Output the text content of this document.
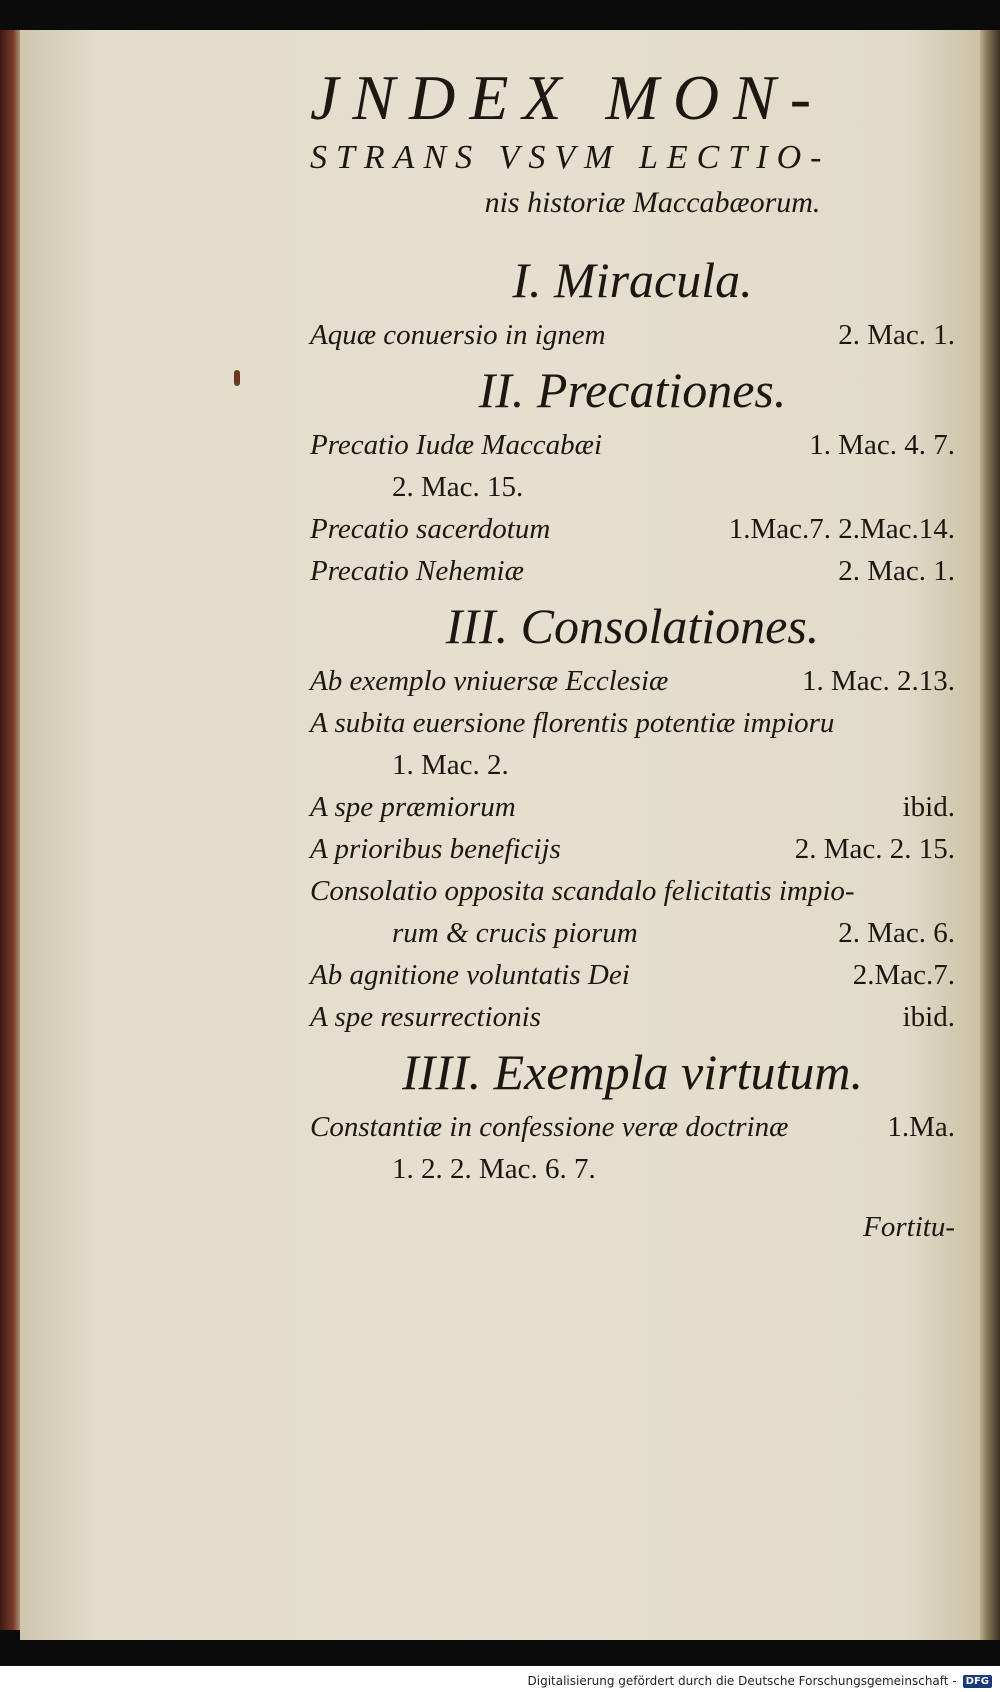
JNDEX MON-

STRANS VSVM LECTIO-

nis historiæ Maccabæorum.

I. Miracula.

Aquæ conuersio in ignem	2. Mac. 1.

II. Precationes.

Precatio Iudæ Maccabæi	1. Mac. 4. 7.
2. Mac. 15.
Precatio sacerdotum	1.Mac.7. 2.Mac.14.
Precatio Nehemiæ	2. Mac. 1.

III. Consolationes.

Ab exemplo vniuersæ Ecclesiæ	1. Mac. 2.13.
A subita euersione florentis potentiæ impioru
1. Mac. 2.
A spe præmiorum	ibid.
A prioribus beneficijs	2. Mac. 2. 15.
Consolatio opposita scandalo felicitatis impio-
rum & crucis piorum	2. Mac. 6.
Ab agnitione voluntatis Dei	2.Mac.7.
A spe resurrectionis	ibid.

IIII. Exempla virtutum.

Constantiæ in confessione veræ doctrinæ	1.Ma.
1. 2. 2. Mac. 6. 7.
Fortitu-
Digitalisierung gefördert durch die Deutsche Forschungsgemeinschaft - DFG
